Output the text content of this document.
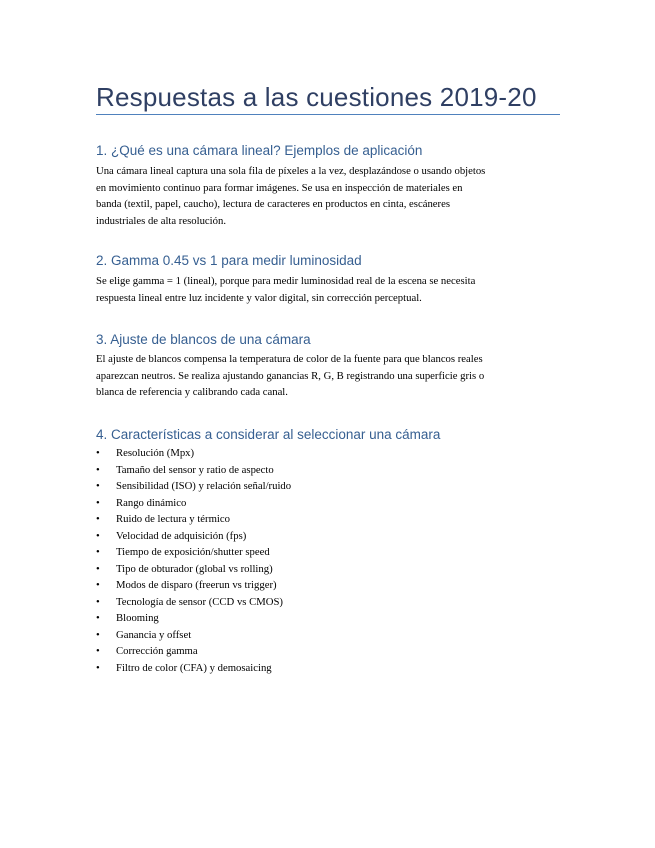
Respuestas a las cuestiones 2019-20
1. ¿Qué es una cámara lineal? Ejemplos de aplicación
Una cámara lineal captura una sola fila de píxeles a la vez, desplazándose o usando objetos
en movimiento continuo para formar imágenes. Se usa en inspección de materiales en
banda (textil, papel, caucho), lectura de caracteres en productos en cinta, escáneres
industriales de alta resolución.
2. Gamma 0.45 vs 1 para medir luminosidad
Se elige gamma = 1 (lineal), porque para medir luminosidad real de la escena se necesita
respuesta lineal entre luz incidente y valor digital, sin corrección perceptual.
3. Ajuste de blancos de una cámara
El ajuste de blancos compensa la temperatura de color de la fuente para que blancos reales
aparezcan neutros. Se realiza ajustando ganancias R, G, B registrando una superficie gris o
blanca de referencia y calibrando cada canal.
4. Características a considerar al seleccionar una cámara
• Resolución (Mpx)
• Tamaño del sensor y ratio de aspecto
• Sensibilidad (ISO) y relación señal/ruido
• Rango dinámico
• Ruido de lectura y térmico
• Velocidad de adquisición (fps)
• Tiempo de exposición/shutter speed
• Tipo de obturador (global vs rolling)
• Modos de disparo (freerun vs trigger)
• Tecnología de sensor (CCD vs CMOS)
• Blooming
• Ganancia y offset
• Corrección gamma
• Filtro de color (CFA) y demosaicing
